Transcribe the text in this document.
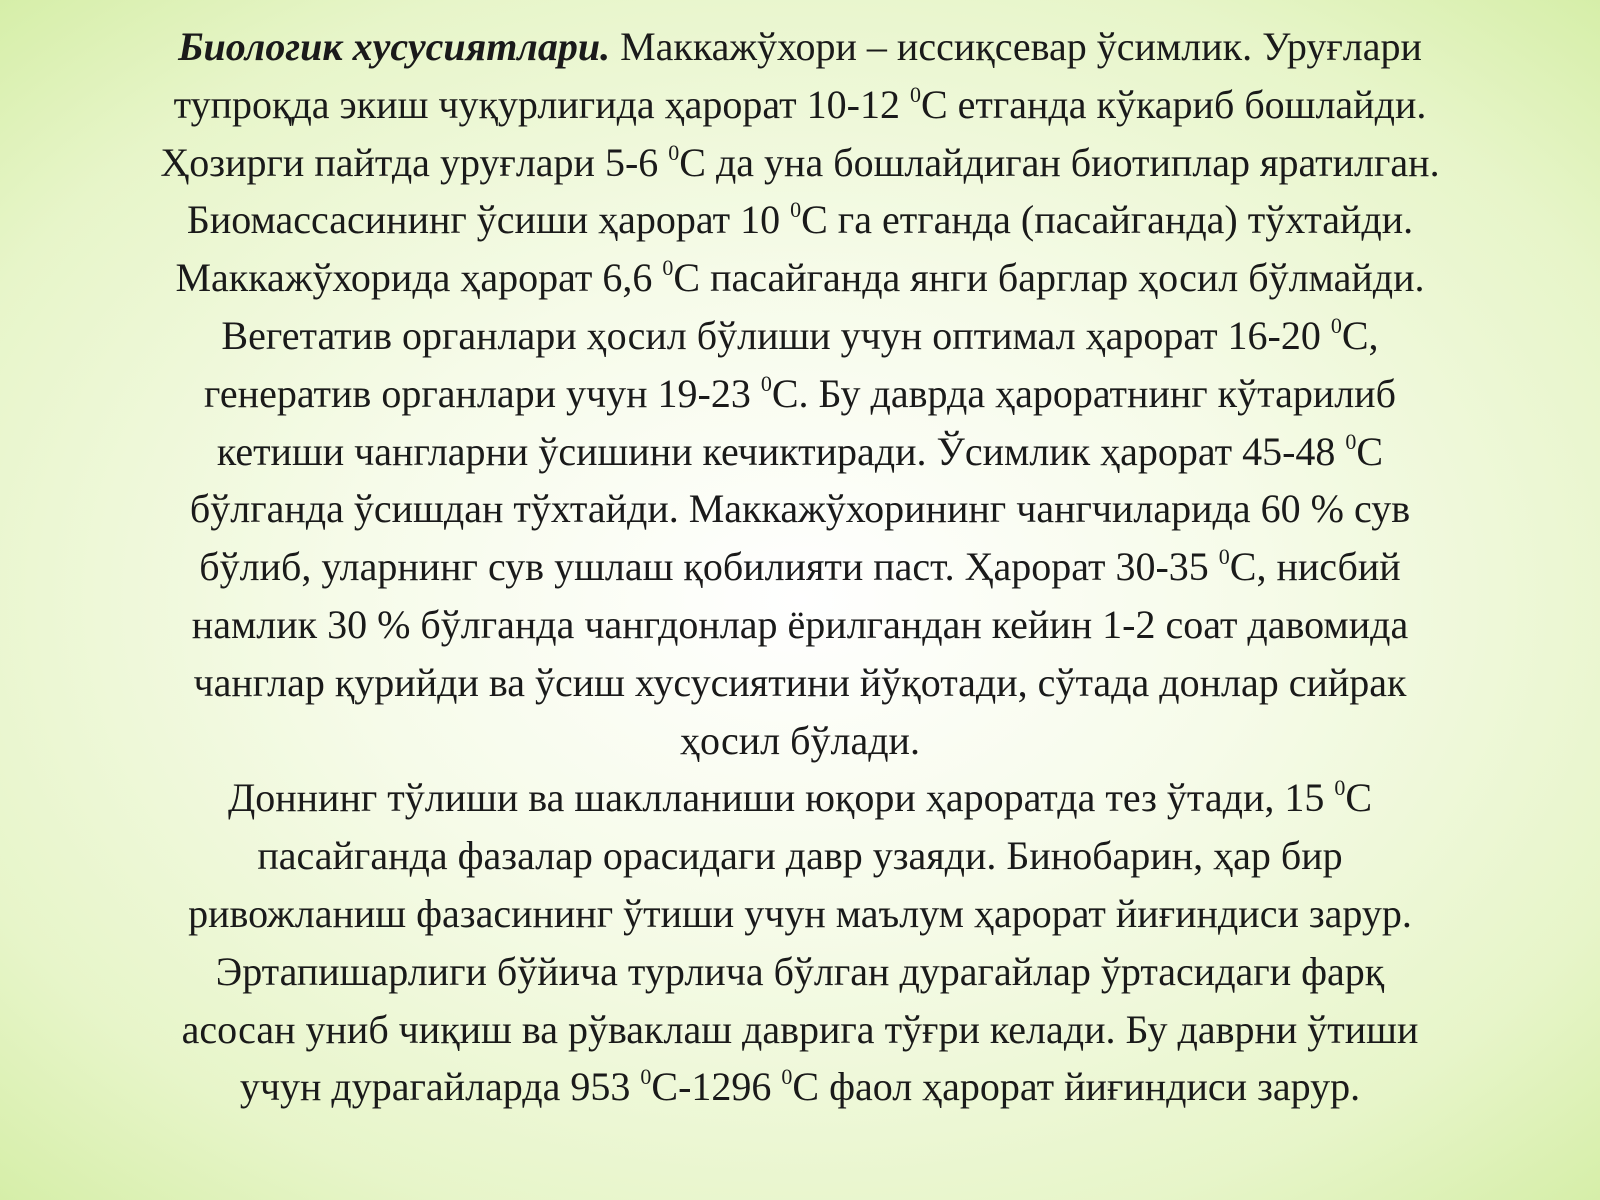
Биологик хусусиятлари. Маккажўхори – иссиқсевар ўсимлик. Уруғлари
тупроқда экиш чуқурлигида ҳарорат 10-12 $^0$С етганда кўкариб бошлайди.
Ҳозирги пайтда уруғлари 5-6 $^0$С да уна бошлайдиган биотиплар яратилган.
Биомассасининг ўсиши ҳарорат 10 $^0$С га етганда (пасайганда) тўхтайди.
Маккажўхорида ҳарорат 6,6 $^0$С пасайганда янги барглар ҳосил бўлмайди.
Вегетатив органлари ҳосил бўлиши учун оптимал ҳарорат 16-20 $^0$С,
генератив органлари учун 19-23 $^0$С. Бу даврда ҳароратнинг кўтарилиб
кетиши чангларни ўсишини кечиктиради. Ўсимлик ҳарорат 45-48 $^0$С
бўлганда ўсишдан тўхтайди. Маккажўхорининг чангчиларида 60 % сув
бўлиб, уларнинг сув ушлаш қобилияти паст. Ҳарорат 30-35 $^0$С, нисбий
намлик 30 % бўлганда чангдонлар ёрилгандан кейин 1-2 соат давомида
чанглар қурийди ва ўсиш хусусиятини йўқотади, сўтада донлар сийрак
ҳосил бўлади.
Доннинг тўлиши ва шаклланиши юқори ҳароратда тез ўтади, 15 $^0$С
пасайганда фазалар орасидаги давр узаяди. Бинобарин, ҳар бир
ривожланиш фазасининг ўтиши учун маълум ҳарорат йиғиндиси зарур.
Эртапишарлиги бўйича турлича бўлган дурагайлар ўртасидаги фарқ
асосан униб чиқиш ва рўваклаш даврига тўғри келади. Бу даврни ўтиши
учун дурагайларда 953 $^0$С-1296 $^0$С фаол ҳарорат йиғиндиси зарур.
